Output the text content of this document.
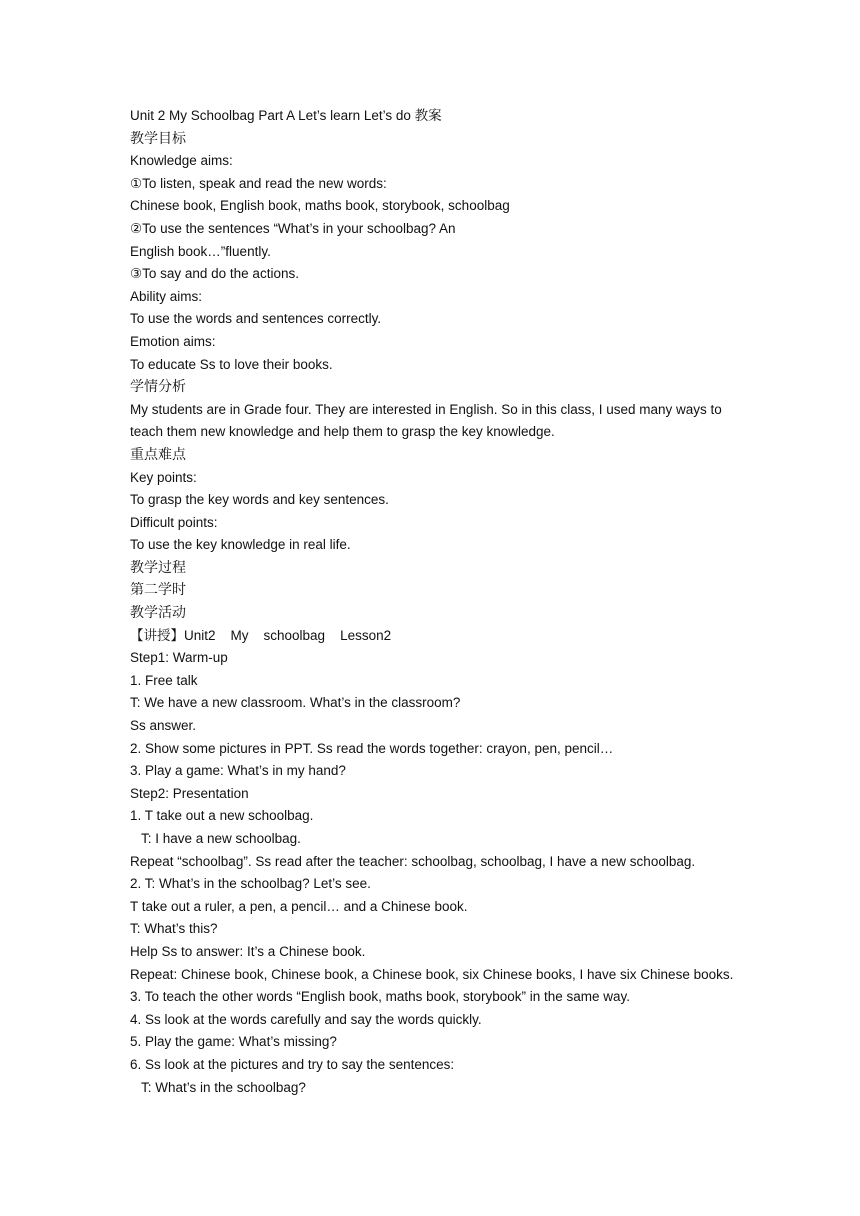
Unit 2 My Schoolbag Part A Let’s learn Let’s do 教案
教学目标
Knowledge aims:
①To listen, speak and read the new words:
Chinese book, English book, maths book, storybook, schoolbag
②To use the sentences “What’s in your schoolbag? An
English book…”fluently.
③To say and do the actions.
Ability aims:
To use the words and sentences correctly.
Emotion aims:
To educate Ss to love their books.
学情分析
My students are in Grade four. They are interested in English. So in this class, I used many ways to teach them new knowledge and help them to grasp the key knowledge.
重点难点
Key points:
To grasp the key words and key sentences.
Difficult points:
To use the key knowledge in real life.
教学过程
第二学时
教学活动
【讲授】Unit2    My    schoolbag    Lesson2
Step1: Warm-up
1. Free talk
T: We have a new classroom. What’s in the classroom?
Ss answer.
2. Show some pictures in PPT. Ss read the words together: crayon, pen, pencil…
3. Play a game: What’s in my hand?
Step2: Presentation
1. T take out a new schoolbag.
T: I have a new schoolbag.
Repeat “schoolbag”. Ss read after the teacher: schoolbag, schoolbag, I have a new schoolbag.
2. T: What’s in the schoolbag? Let’s see.
T take out a ruler, a pen, a pencil… and a Chinese book.
T: What’s this?
Help Ss to answer: It’s a Chinese book.
Repeat: Chinese book, Chinese book, a Chinese book, six Chinese books, I have six Chinese books.
3. To teach the other words “English book, maths book, storybook” in the same way.
4. Ss look at the words carefully and say the words quickly.
5. Play the game: What’s missing?
6. Ss look at the pictures and try to say the sentences:
T: What’s in the schoolbag?
